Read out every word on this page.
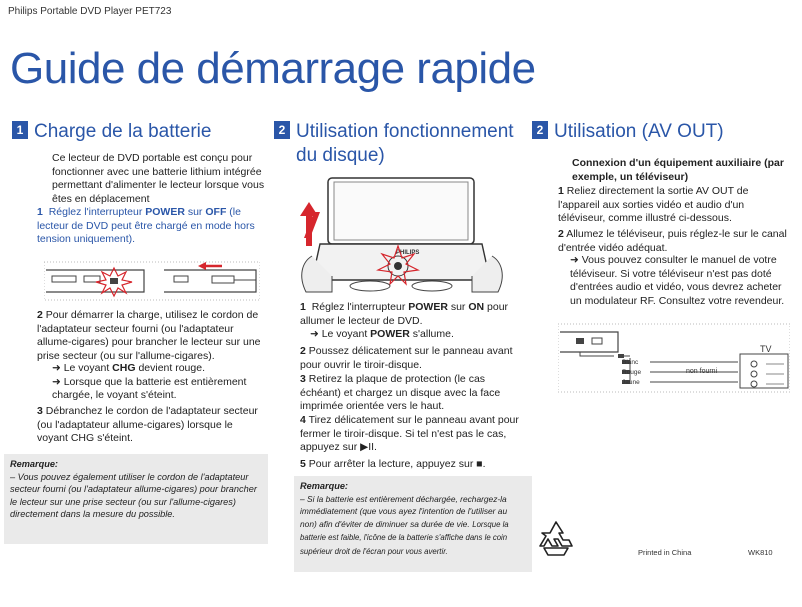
Philips Portable DVD Player PET723
Guide de démarrage rapide
1 Charge de la batterie
Ce lecteur de DVD portable est conçu pour fonctionner avec une batterie lithium intégrée permettant d'alimenter le lecteur lorsque vous êtes en déplacement
1 Réglez l'interrupteur POWER sur OFF (le lecteur de DVD peut être chargé en mode hors tension uniquement).
2 Pour démarrer la charge, utilisez le cordon de l'adaptateur secteur fourni (ou l'adaptateur allume-cigares) pour brancher le lecteur sur une prise secteur (ou sur l'allume-cigares).
➜ Le voyant CHG devient rouge.
➜ Lorsque que la batterie est entièrement chargée, le voyant s'éteint.
3 Débranchez le cordon de l'adaptateur secteur (ou l'adaptateur allume-cigares) lorsque le voyant CHG s'éteint.
Remarque:
– Vous pouvez également utiliser le cordon de l'adaptateur secteur fourni (ou l'adaptateur allume-cigares) pour brancher le lecteur sur une prise secteur (ou sur l'allume-cigares) directement dans la mesure du possible.
2 Utilisation fonctionnement
du disque)
PHILIPS
1 Réglez l'interrupteur POWER sur ON pour allumer le lecteur de DVD.
➜ Le voyant POWER s'allume.
2 Poussez délicatement sur le panneau avant pour ouvrir le tiroir-disque.
3 Retirez la plaque de protection (le cas échéant) et chargez un disque avec la face imprimée orientée vers le haut.
4 Tirez délicatement sur le panneau avant pour fermer le tiroir-disque. Si tel n'est pas le cas, appuyez sur ▶II.
5 Pour arrêter la lecture, appuyez sur ■.
Remarque:
– Si la batterie est entièrement déchargée, rechargez-la immédiatement (que vous ayez l'intention de l'utiliser au non) afin d'éviter de diminuer sa durée de vie. Lorsque la batterie est faible, l'icône de la batterie s'affiche dans le coin supérieur droit de l'écran pour vous avertir.
2 Utilisation (AV OUT)
Connexion d'un équipement auxiliaire (par exemple, un téléviseur)
1 Reliez directement la sortie AV OUT de l'appareil aux sorties vidéo et audio d'un téléviseur, comme illustré ci-dessous.
2 Allumez le téléviseur, puis réglez-le sur le canal d'entrée vidéo adéquat.
➜ Vous pouvez consulter le manuel de votre téléviseur. Si votre téléviseur n'est pas doté d'entrées audio et vidéo, vous devrez acheter un modulateur RF. Consultez votre revendeur.
Blanc
Rouge
Jaune
non fourni
TV
Printed in China	WK810
